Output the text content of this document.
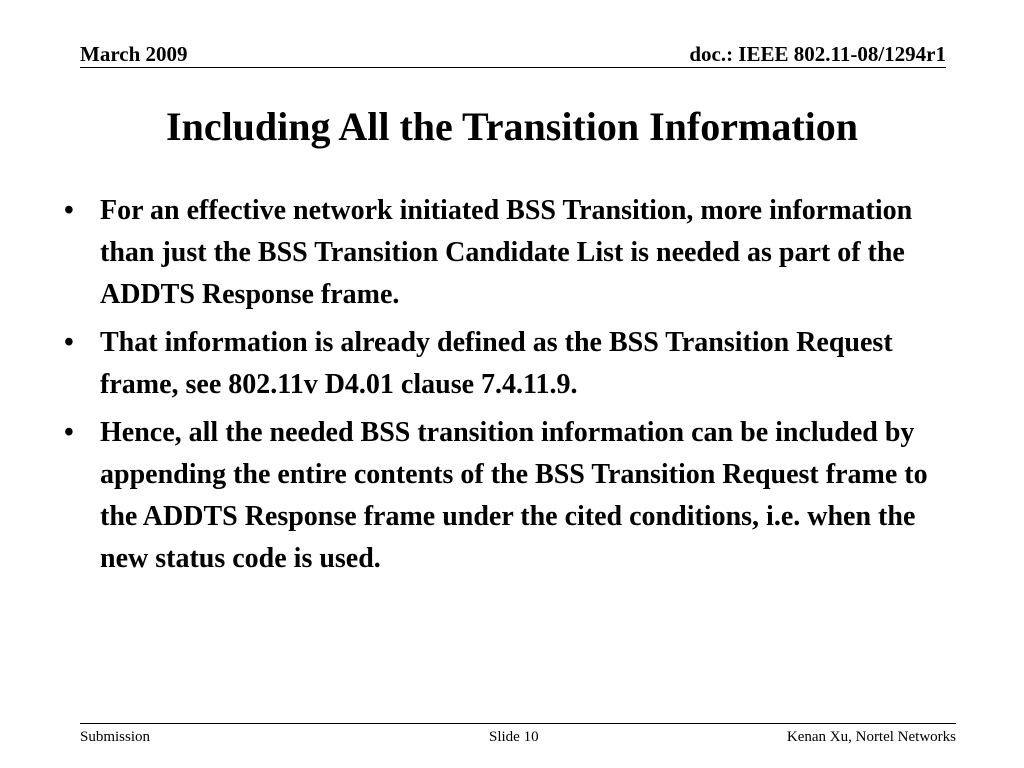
March 2009	doc.: IEEE 802.11-08/1294r1
Including All the Transition Information
• For an effective network initiated BSS Transition, more information than just the BSS Transition Candidate List is needed as part of the ADDTS Response frame.
• That information is already defined as the BSS Transition Request frame, see 802.11v D4.01 clause 7.4.11.9.
• Hence, all the needed BSS transition information can be included by appending the entire contents of the BSS Transition Request frame to the ADDTS Response frame under the cited conditions, i.e. when the new status code is used.
Submission	Slide 10	Kenan Xu, Nortel Networks
